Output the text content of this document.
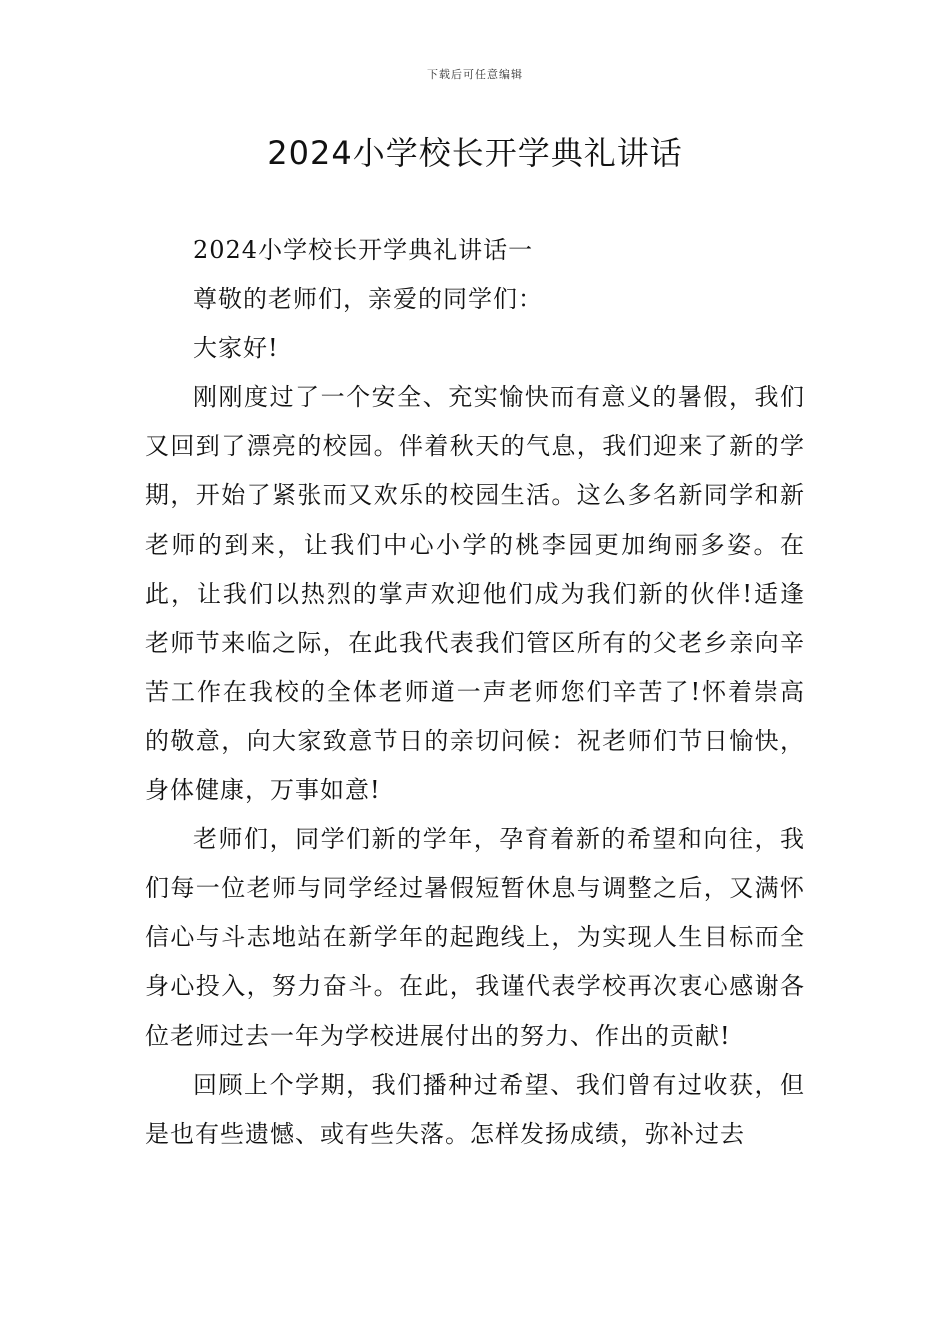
下载后可任意编辑
2024小学校长开学典礼讲话

2024小学校长开学典礼讲话一

尊敬的老师们，亲爱的同学们：

大家好!

刚刚度过了一个安全、充实愉快而有意义的暑假，我们又回到了漂亮的校园。伴着秋天的气息，我们迎来了新的学期，开始了紧张而又欢乐的校园生活。这么多名新同学和新老师的到来，让我们中心小学的桃李园更加绚丽多姿。在此，让我们以热烈的掌声欢迎他们成为我们新的伙伴!适逢老师节来临之际，在此我代表我们管区所有的父老乡亲向辛苦工作在我校的全体老师道一声老师您们辛苦了!怀着崇高的敬意，向大家致意节日的亲切问候：祝老师们节日愉快，身体健康，万事如意!

老师们，同学们新的学年，孕育着新的希望和向往，我们每一位老师与同学经过暑假短暂休息与调整之后，又满怀信心与斗志地站在新学年的起跑线上，为实现人生目标而全身心投入，努力奋斗。在此，我谨代表学校再次衷心感谢各位老师过去一年为学校进展付出的努力、作出的贡献!

回顾上个学期，我们播种过希望、我们曾有过收获，但是也有些遗憾、或有些失落。怎样发扬成绩，弥补过去
